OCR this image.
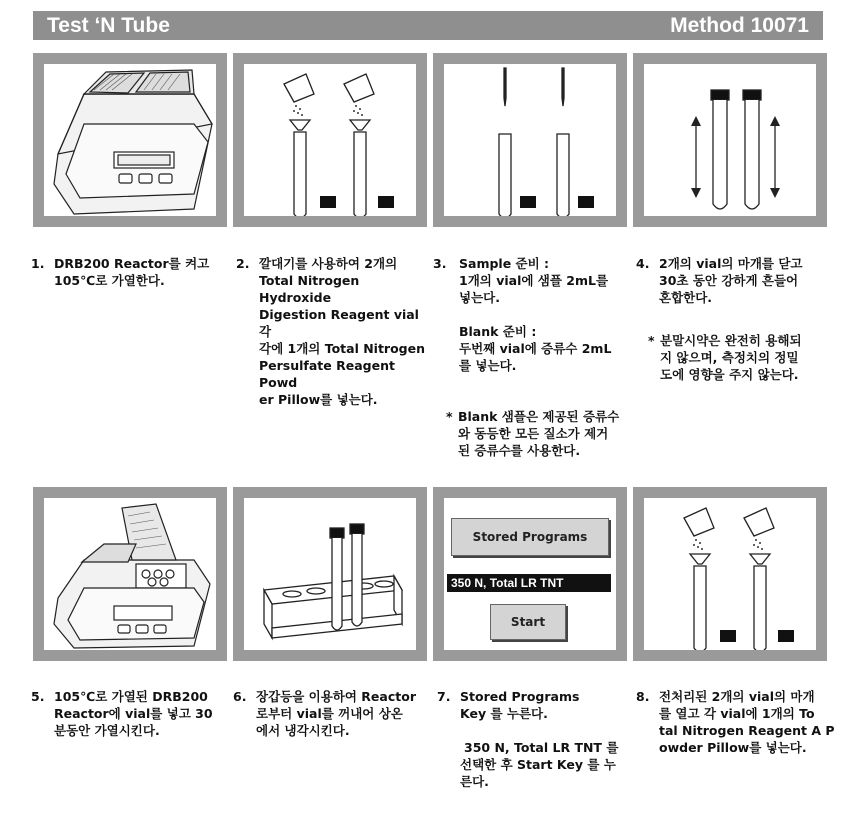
Test ‘N Tube	Method 10071
1. DRB200 Reactor를 켜고

105℃로 가열한다.

2. 깔대기를 사용하여 2개의

Total Nitrogen Hydroxide

Digestion Reagent vial 각

각에 1개의 Total Nitrogen

Persulfate Reagent Powd

er Pillow를 넣는다.

3. Sample 준비 :

1개의 vial에 샘플 2mL를

넣는다.

Blank 준비 :

두번째 vial에 증류수 2mL

를 넣는다.

* Blank 샘플은 제공된 증류수

와 동등한 모든 질소가 제거

된 증류수를 사용한다.

4. 2개의 vial의 마개를 닫고

30초 동안 강하게 흔들어

혼합한다.

* 분말시약은 완전히 용해되

지 않으며, 측정치의 정밀

도에 영향을 주지 않는다.

Stored Programs
350 N, Total LR TNT
Start
5. 105℃로 가열된 DRB200

Reactor에 vial를 넣고 30

분동안 가열시킨다.

6. 장갑등을 이용하여 Reactor

로부터 vial를 꺼내어 상온

에서 냉각시킨다.

7. Stored Programs

Key 를 누른다.

350 N, Total LR TNT 를

선택한 후 Start Key 를 누

른다.

8. 전처리된 2개의 vial의 마개

를 열고 각 vial에 1개의 To

tal Nitrogen Reagent A P

owder Pillow를 넣는다.
